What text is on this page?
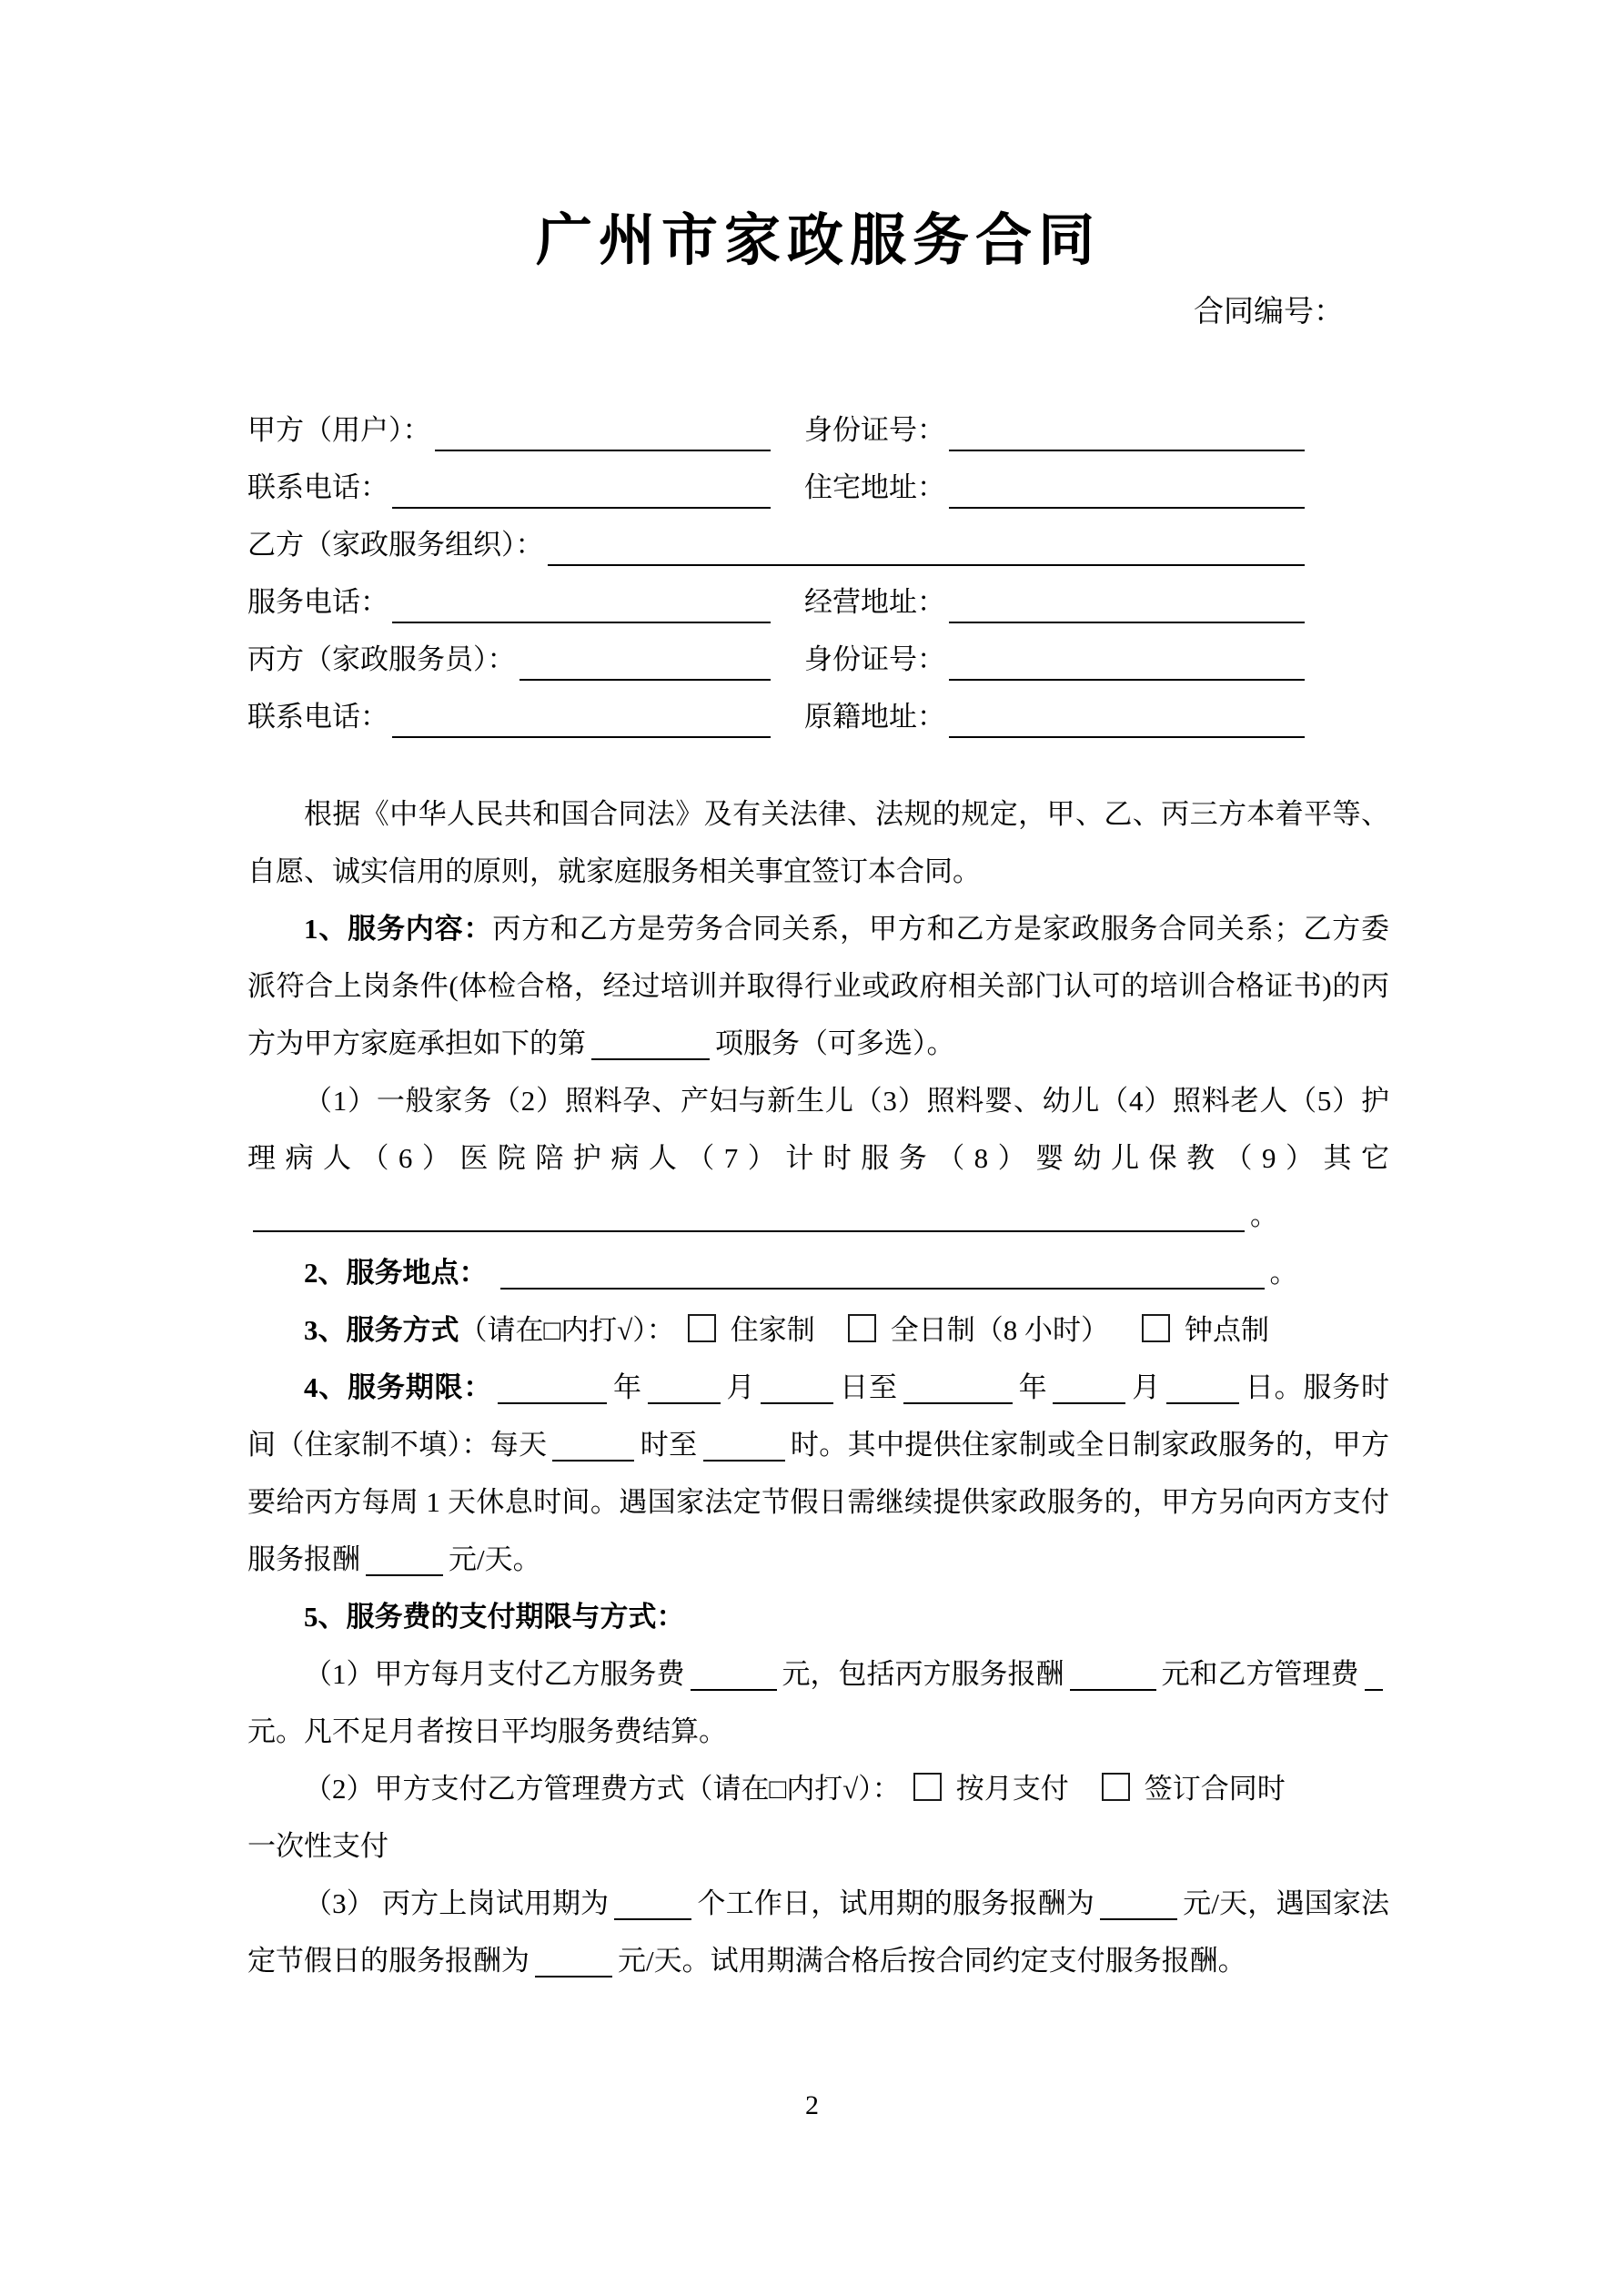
广州市家政服务合同
合同编号：
甲方（用户）：	身份证号：
联系电话：	住宅地址：
乙方（家政服务组织）：
服务电话：	经营地址：
丙方（家政服务员）：	身份证号：
联系电话：	原籍地址：

根据《中华人民共和国合同法》及有关法律、法规的规定，甲、乙、丙三方本着平等、自愿、诚实信用的原则，就家庭服务相关事宜签订本合同。

1、服务内容：丙方和乙方是劳务合同关系，甲方和乙方是家政服务合同关系；乙方委派符合上岗条件(体检合格，经过培训并取得行业或政府相关部门认可的培训合格证书)的丙方为甲方家庭承担如下的第	项服务（可多选）。

（1）一般家务（2）照料孕、产妇与新生儿（3）照料婴、幼儿（4）照料老人（5）护理病人（6）医院陪护病人（7）计时服务（8）婴幼儿保教（9）其它。

2、服务地点：	。

3、服务方式（请在□内打√）： 住家制	全日制（8 小时）	钟点制

4、服务期限：	年	月	日至	年	月	日。服务时间（住家制不填）：每天	时至	时。其中提供住家制或全日制家政服务的，甲方要给丙方每周 1 天休息时间。遇国家法定节假日需继续提供家政服务的，甲方另向丙方支付服务报酬	元/天。

5、服务费的支付期限与方式：

（1）甲方每月支付乙方服务费	元，包括丙方服务报酬	元和乙方管理费
元。凡不足月者按日平均服务费结算。

（2）甲方支付乙方管理费方式（请在□内打√）： 按月支付	签订合同时
一次性支付

（3） 丙方上岗试用期为	个工作日，试用期的服务报酬为	元/天，遇国家法定节假日的服务报酬为	元/天。试用期满合格后按合同约定支付服务报酬。

2
